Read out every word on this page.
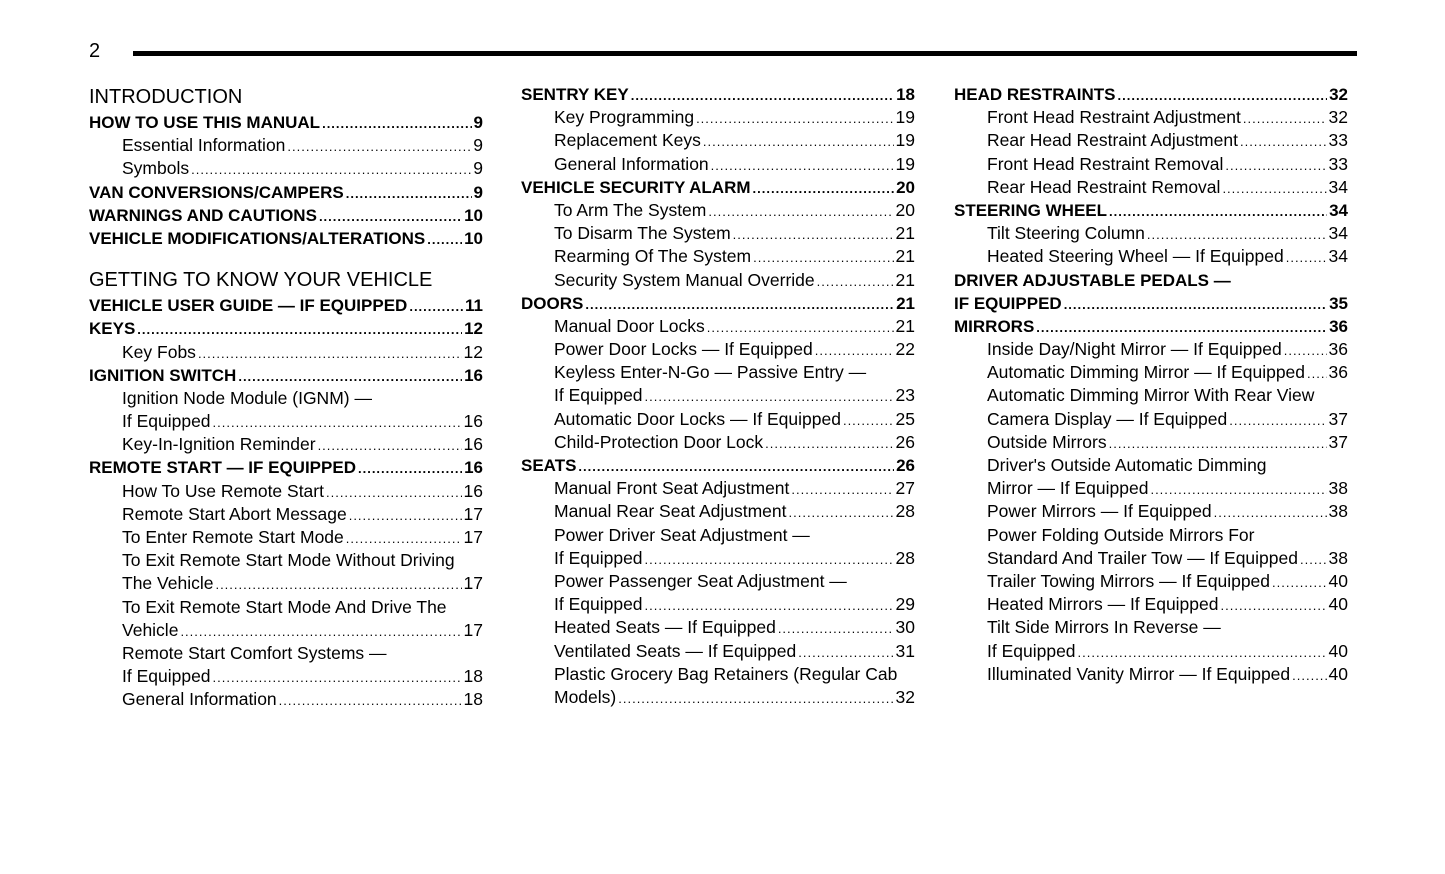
2
INTRODUCTION
HOW TO USE THIS MANUAL .....	9
Essential Information .....	9
Symbols .....	9
VAN CONVERSIONS/CAMPERS .....	9
WARNINGS AND CAUTIONS .....	10
VEHICLE MODIFICATIONS/ALTERATIONS ..... 10
GETTING TO KNOW YOUR VEHICLE
VEHICLE USER GUIDE — IF EQUIPPED .....	11
KEYS .....	12
Key Fobs .....	12
IGNITION SWITCH .....	16
Ignition Node Module (IGNM) —
If Equipped .....	16
Key-In-Ignition Reminder .....	16
REMOTE START — IF EQUIPPED .....	16
How To Use Remote Start .....	16
Remote Start Abort Message .....	17
To Enter Remote Start Mode .....	17
To Exit Remote Start Mode Without Driving
The Vehicle .....	17
To Exit Remote Start Mode And Drive The
Vehicle .....	17
Remote Start Comfort Systems —
If Equipped .....	18
General Information .....	18
SENTRY KEY .....	18
Key Programming .....	19
Replacement Keys .....	19
General Information .....	19
VEHICLE SECURITY ALARM .....	20
To Arm The System .....	20
To Disarm The System .....	21
Rearming Of The System .....	21
Security System Manual Override .....	21
DOORS .....	21
Manual Door Locks .....	21
Power Door Locks — If Equipped .....	22
Keyless Enter-N-Go — Passive Entry —
If Equipped .....	23
Automatic Door Locks — If Equipped .....	25
Child-Protection Door Lock .....	26
SEATS .....	26
Manual Front Seat Adjustment .....	27
Manual Rear Seat Adjustment .....	28
Power Driver Seat Adjustment —
If Equipped .....	28
Power Passenger Seat Adjustment —
If Equipped .....	29
Heated Seats — If Equipped .....	30
Ventilated Seats — If Equipped .....	31
Plastic Grocery Bag Retainers (Regular Cab
Models) .....	32
HEAD RESTRAINTS .....	32
Front Head Restraint Adjustment .....	32
Rear Head Restraint Adjustment .....	33
Front Head Restraint Removal .....	33
Rear Head Restraint Removal .....	34
STEERING WHEEL .....	34
Tilt Steering Column .....	34
Heated Steering Wheel — If Equipped .....	34
DRIVER ADJUSTABLE PEDALS —
IF EQUIPPED .....	35
MIRRORS .....	36
Inside Day/Night Mirror — If Equipped .....	36
Automatic Dimming Mirror — If Equipped ..... 36
Automatic Dimming Mirror With Rear View
Camera Display — If Equipped .....	37
Outside Mirrors .....	37
Driver's Outside Automatic Dimming
Mirror — If Equipped .....	38
Power Mirrors — If Equipped .....	38
Power Folding Outside Mirrors For
Standard And Trailer Tow — If Equipped ..... 38
Trailer Towing Mirrors — If Equipped .....	40
Heated Mirrors — If Equipped .....	40
Tilt Side Mirrors In Reverse —
If Equipped .....	40
Illuminated Vanity Mirror — If Equipped ..... 40
